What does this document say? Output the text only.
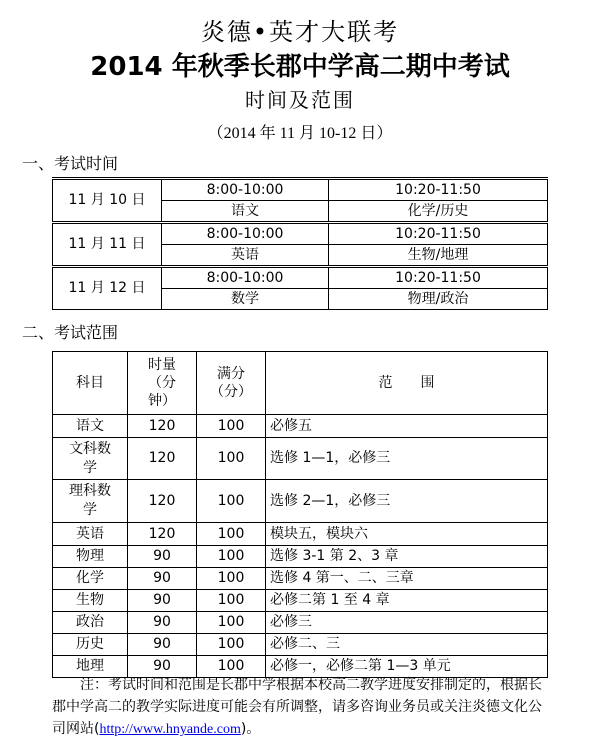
炎德•英才大联考
2014 年秋季长郡中学高二期中考试
时间及范围
（2014 年 11 月 10-12 日）
一、考试时间
11 月 10 日	8:00-10:00	10:20-11:50
	语文	化学/历史
11 月 11 日	8:00-10:00	10:20-11:50
	英语	生物/地理
11 月 12 日	8:00-10:00	10:20-11:50
	数学	物理/政治
二、考试范围
科目	时量（分钟）	满分（分）	范　　围
语文	120	100	必修五
文科数学	120	100	选修 1—1，必修三
理科数学	120	100	选修 2—1，必修三
英语	120	100	模块五，模块六
物理	90	100	选修 3-1 第 2、3 章
化学	90	100	选修 4 第一、二、三章
生物	90	100	必修二第 1 至 4 章
政治	90	100	必修三
历史	90	100	必修二、三
地理	90	100	必修一，必修二第 1—3 单元
注：考试时间和范围是长郡中学根据本校高二教学进度安排制定的，根据长郡中学高二的教学实际进度可能会有所调整，请多咨询业务员或关注炎德文化公司网站(http://www.hnyande.com)。
